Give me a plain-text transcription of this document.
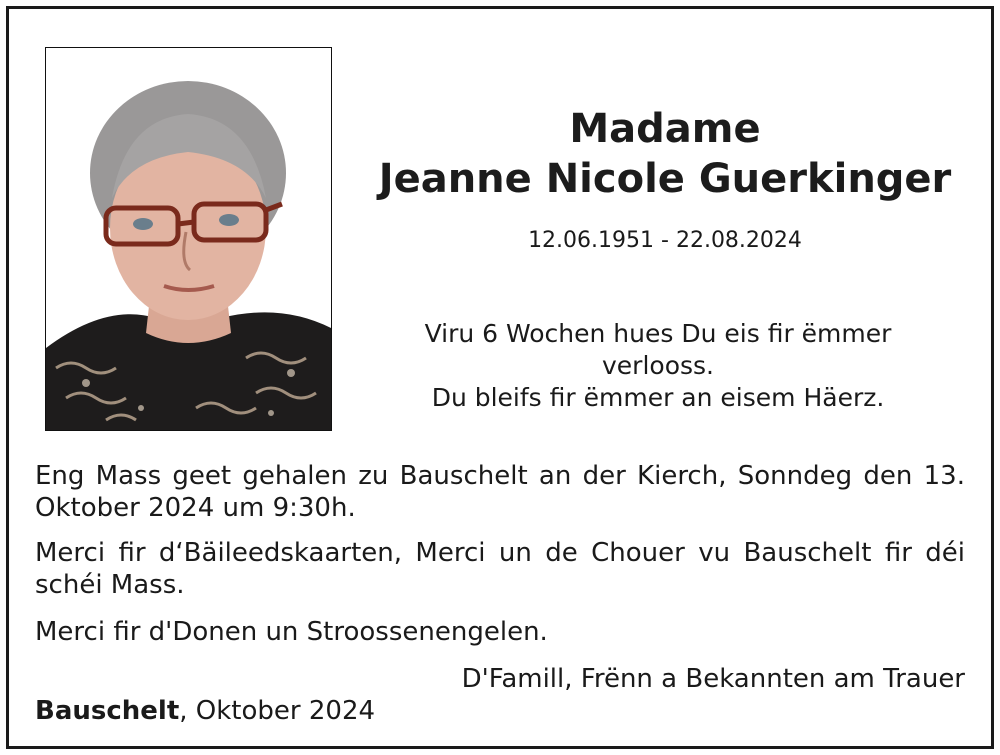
Madame
Jeanne Nicole Guerkinger
12.06.1951 - 22.08.2024
Viru 6 Wochen hues Du eis fir ëmmer
verlooss.
Du bleifs fir ëmmer an eisem Häerz.
Eng Mass geet gehalen zu Bauschelt an der Kierch, Sonndeg den 13. Oktober 2024 um 9:30h.
Merci fir d‘Bäileedskaarten, Merci un de Chouer vu Bauschelt fir déi schéi Mass.
Merci fir d'Donen un Stroossenengelen.
D'Famill, Frënn a Bekannten am Trauer
Bauschelt, Oktober 2024
